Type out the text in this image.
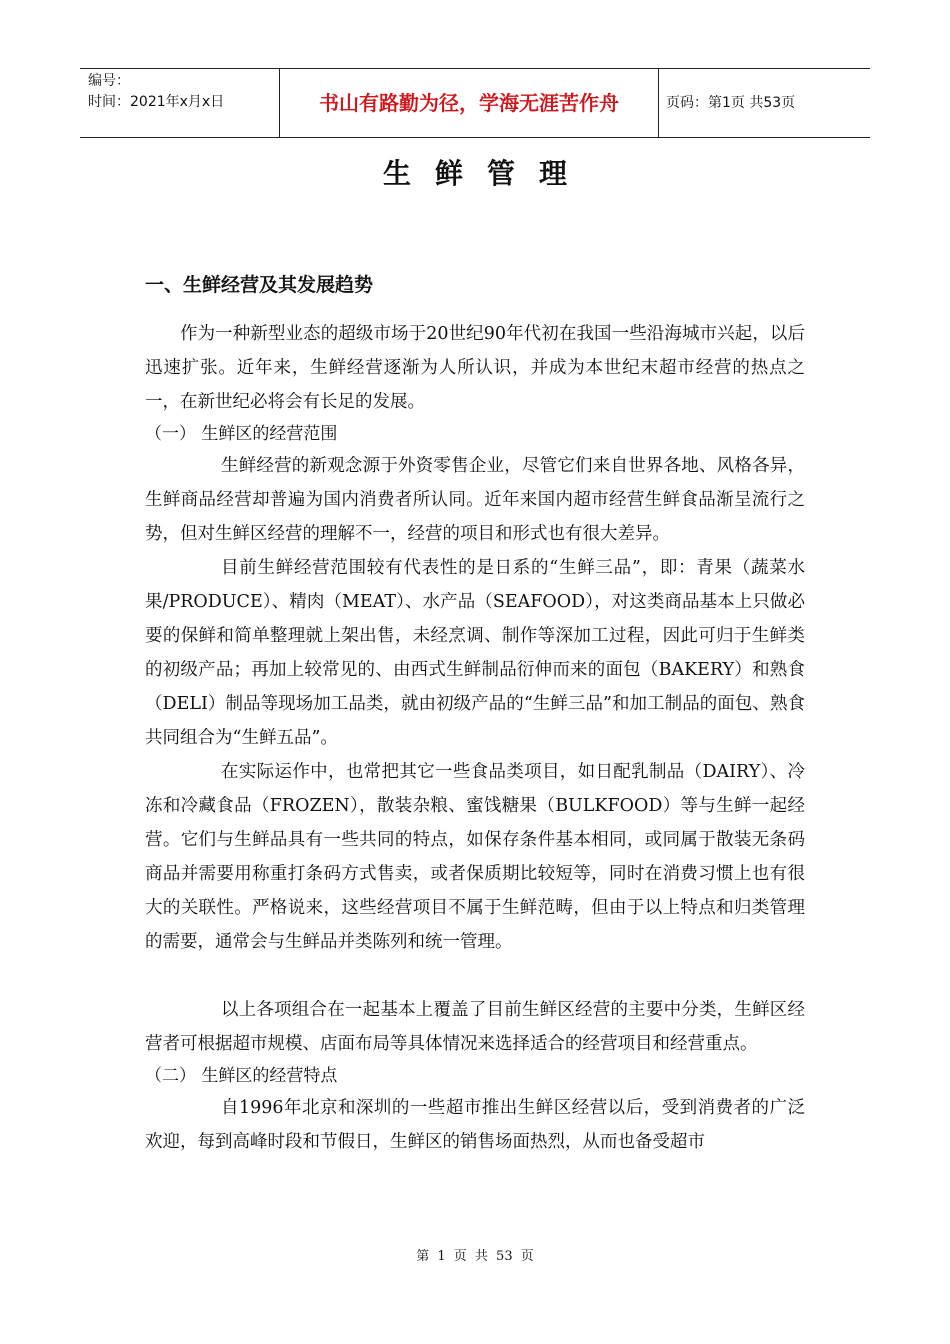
编号：
时间：2021年x月x日	书山有路勤为径，学海无涯苦作舟	页码：第1页 共53页
生鲜管理
一、生鲜经营及其发展趋势

作为一种新型业态的超级市场于20世纪90年代初在我国一些沿海城市兴起，以后迅速扩张。近年来，生鲜经营逐渐为人所认识，并成为本世纪末超市经营的热点之一，在新世纪必将会有长足的发展。

（一） 生鲜区的经营范围

生鲜经营的新观念源于外资零售企业，尽管它们来自世界各地、风格各异，生鲜商品经营却普遍为国内消费者所认同。近年来国内超市经营生鲜食品渐呈流行之势，但对生鲜区经营的理解不一，经营的项目和形式也有很大差异。

目前生鲜经营范围较有代表性的是日系的“生鲜三品”，即：青果（蔬菜水果/PRODUCE）、精肉（MEAT）、水产品（SEAFOOD），对这类商品基本上只做必要的保鲜和简单整理就上架出售，未经烹调、制作等深加工过程，因此可归于生鲜类的初级产品；再加上较常见的、由西式生鲜制品衍伸而来的面包（BAKERY）和熟食（DELI）制品等现场加工品类，就由初级产品的“生鲜三品”和加工制品的面包、熟食共同组合为“生鲜五品”。

在实际运作中，也常把其它一些食品类项目，如日配乳制品（DAIRY）、冷冻和冷藏食品（FROZEN），散装杂粮、蜜饯糖果（BULKFOOD）等与生鲜一起经营。它们与生鲜品具有一些共同的特点，如保存条件基本相同，或同属于散装无条码商品并需要用称重打条码方式售卖，或者保质期比较短等，同时在消费习惯上也有很大的关联性。严格说来，这些经营项目不属于生鲜范畴，但由于以上特点和归类管理的需要，通常会与生鲜品并类陈列和统一管理。

以上各项组合在一起基本上覆盖了目前生鲜区经营的主要中分类，生鲜区经营者可根据超市规模、店面布局等具体情况来选择适合的经营项目和经营重点。

（二） 生鲜区的经营特点

自1996年北京和深圳的一些超市推出生鲜区经营以后，受到消费者的广泛欢迎，每到高峰时段和节假日，生鲜区的销售场面热烈，从而也备受超市

第 1 页 共 53 页
